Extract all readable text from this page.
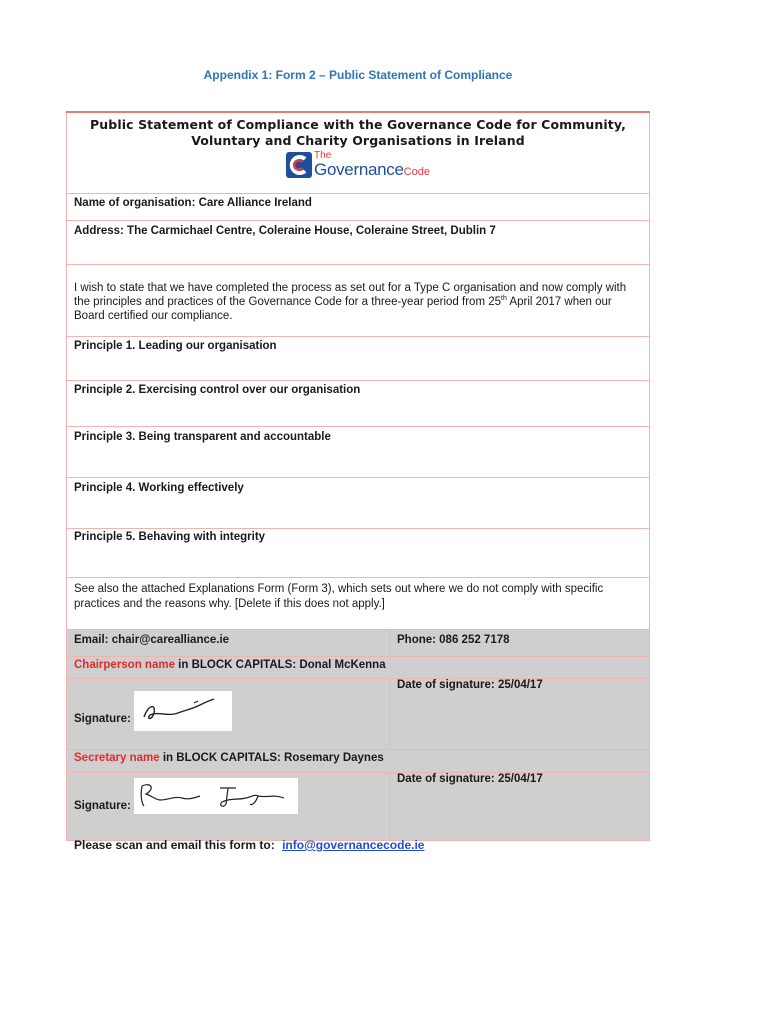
Appendix 1: Form 2 – Public Statement of Compliance
Public Statement of Compliance with the Governance Code for Community,
Voluntary and Charity Organisations in Ireland
The
GovernanceCode	

Name of organisation: Care Alliance Ireland	
Address: The Carmichael Centre, Coleraine House, Coleraine Street, Dublin 7	
I wish to state that we have completed the process as set out for a Type C organisation and now comply with the principles and practices of the Governance Code for a three-year period from 25th April 2017 when our Board certified our compliance.	
Principle 1. Leading our organisation	
Principle 2. Exercising control over our organisation	
Principle 3. Being transparent and accountable	
Principle 4. Working effectively	
Principle 5. Behaving with integrity	
See also the attached Explanations Form (Form 3), which sets out where we do not comply with specific practices and the reasons why. [Delete if this does not apply.]	
Email: chair@carealliance.ie	Phone: 086 252 7178
Chairperson name in BLOCK CAPITALS: Donal McKenna	

Signature:	Date of signature: 25/04/17
Secretary name in BLOCK CAPITALS: Rosemary Daynes	

Signature:	Date of signature: 25/04/17
Please scan and email this form to: info@governancecode.ie
